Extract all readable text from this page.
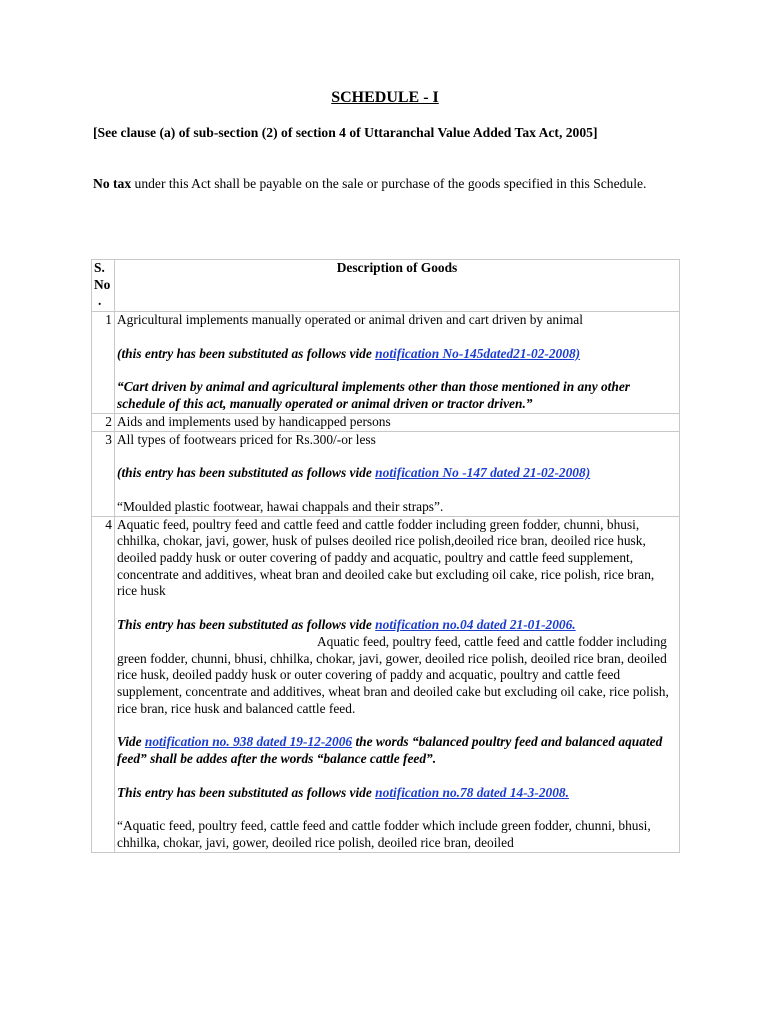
SCHEDULE - I
[See clause (a) of sub-section (2) of section 4 of Uttaranchal Value Added Tax Act, 2005]
No tax under this Act shall be payable on the sale or purchase of the goods specified in this Schedule.
S.
No
.	Description of Goods
1	Agricultural implements manually operated or animal driven and cart driven by animal
(this entry has been substituted as follows vide notification No-145dated21-02-2008)
“Cart driven by animal and agricultural implements other than those mentioned in any other schedule of this act, manually operated or animal driven or tractor driven.”

2	Aids and implements used by handicapped persons

3	All types of footwears priced for Rs.300/-or less
(this entry has been substituted as follows vide notification No -147 dated 21-02-2008)
“Moulded plastic footwear, hawai chappals and their straps”.

4	Aquatic feed, poultry feed and cattle feed and cattle fodder including green fodder, chunni, bhusi, chhilka, chokar, javi, gower, husk of pulses deoiled rice polish,deoiled rice bran, deoiled rice husk, deoiled paddy husk or outer covering of paddy and acquatic, poultry and cattle feed supplement, concentrate and additives, wheat bran and deoiled cake but excluding oil cake, rice polish, rice bran, rice husk
This entry has been substituted as follows vide notification no.04 dated 21-01-2006.Aquatic feed, poultry feed, cattle feed and cattle fodder including green fodder, chunni, bhusi, chhilka, chokar, javi, gower, deoiled rice polish, deoiled rice bran, deoiled rice husk, deoiled paddy husk or outer covering of paddy and acquatic, poultry and cattle feed supplement, concentrate and additives, wheat bran and deoiled cake but excluding oil cake, rice polish, rice bran, rice husk and balanced cattle feed.
Vide notification no. 938 dated 19-12-2006 the words “balanced poultry feed and balanced aquated feed” shall be addes after the words “balance cattle feed”.
This entry has been substituted as follows vide notification no.78 dated 14-3-2008.
“Aquatic feed, poultry feed, cattle feed and cattle fodder which include green fodder, chunni, bhusi, chhilka, chokar, javi, gower, deoiled rice polish, deoiled rice bran, deoiled
